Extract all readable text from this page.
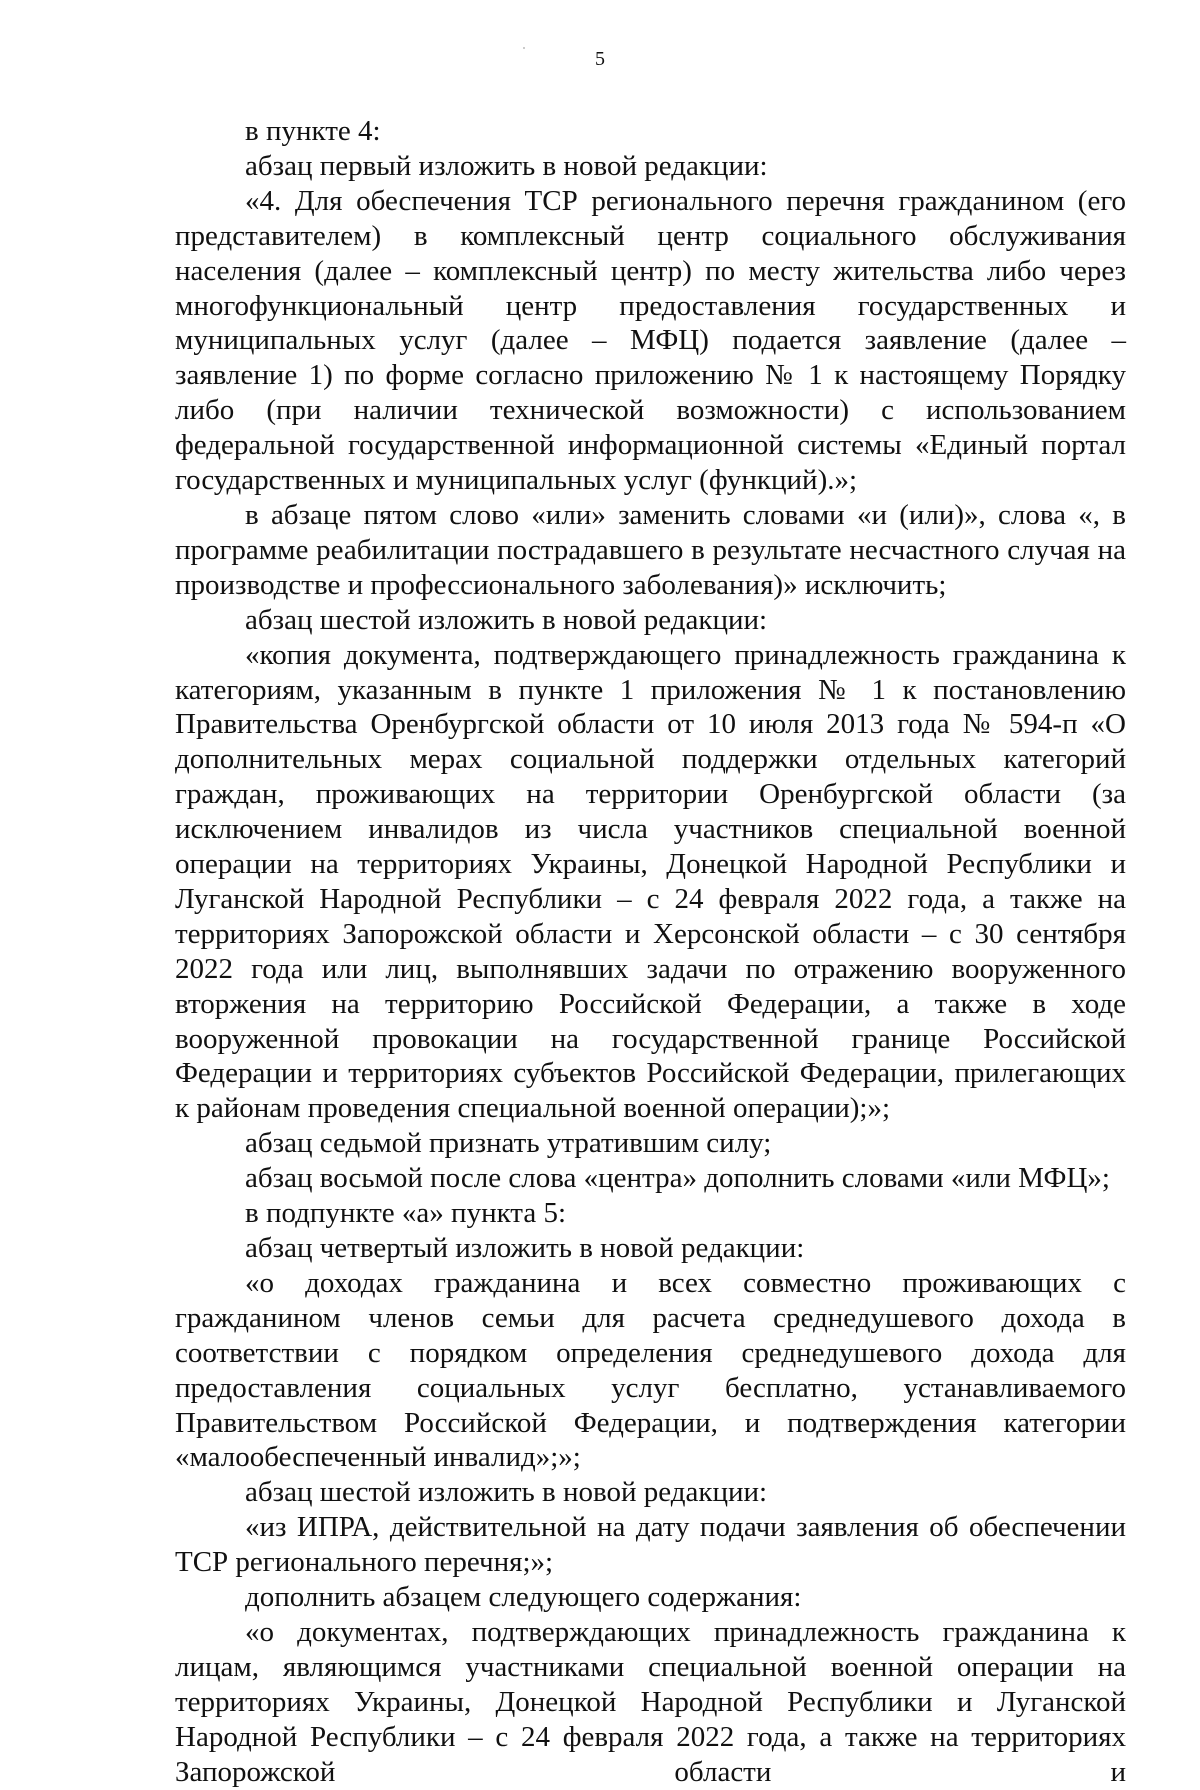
5

в пункте 4:

абзац первый изложить в новой редакции:

«4. Для обеспечения ТСР регионального перечня гражданином (его представителем) в комплексный центр социального обслуживания населения (далее – комплексный центр) по месту жительства либо через многофункциональный центр предоставления государственных и муниципальных услуг (далее – МФЦ) подается заявление (далее – заявление 1) по форме согласно приложению № 1 к настоящему Порядку либо (при наличии технической возможности) с использованием федеральной государственной информационной системы «Единый портал государственных и муниципальных услуг (функций).»;

в абзаце пятом слово «или» заменить словами «и (или)», слова «, в программе реабилитации пострадавшего в результате несчастного случая на производстве и профессионального заболевания)» исключить;

абзац шестой изложить в новой редакции:

«копия документа, подтверждающего принадлежность гражданина к категориям, указанным в пункте 1 приложения № 1 к постановлению Правительства Оренбургской области от 10 июля 2013 года № 594-п «О дополнительных мерах социальной поддержки отдельных категорий граждан, проживающих на территории Оренбургской области (за исключением инвалидов из числа участников специальной военной операции на территориях Украины, Донецкой Народной Республики и Луганской Народной Республики – с 24 февраля 2022 года, а также на территориях Запорожской области и Херсонской области – с 30 сентября 2022 года или лиц, выполнявших задачи по отражению вооруженного вторжения на территорию Российской Федерации, а также в ходе вооруженной провокации на государственной границе Российской Федерации и территориях субъектов Российской Федерации, прилегающих к районам проведения специальной военной операции);»;

абзац седьмой признать утратившим силу;

абзац восьмой после слова «центра» дополнить словами «или МФЦ»;

в подпункте «а» пункта 5:

абзац четвертый изложить в новой редакции:

«о доходах гражданина и всех совместно проживающих с гражданином членов семьи для расчета среднедушевого дохода в соответствии с порядком определения среднедушевого дохода для предоставления социальных услуг бесплатно, устанавливаемого Правительством Российской Федерации, и подтверждения категории «малообеспеченный инвалид»;»;

абзац шестой изложить в новой редакции:

«из ИПРА, действительной на дату подачи заявления об обеспечении ТСР регионального перечня;»;

дополнить абзацем следующего содержания:

«о документах, подтверждающих принадлежность гражданина к лицам, являющимся участниками специальной военной операции на территориях Украины, Донецкой Народной Республики и Луганской Народной Республики – с 24 февраля 2022 года, а также на территориях Запорожской области и
